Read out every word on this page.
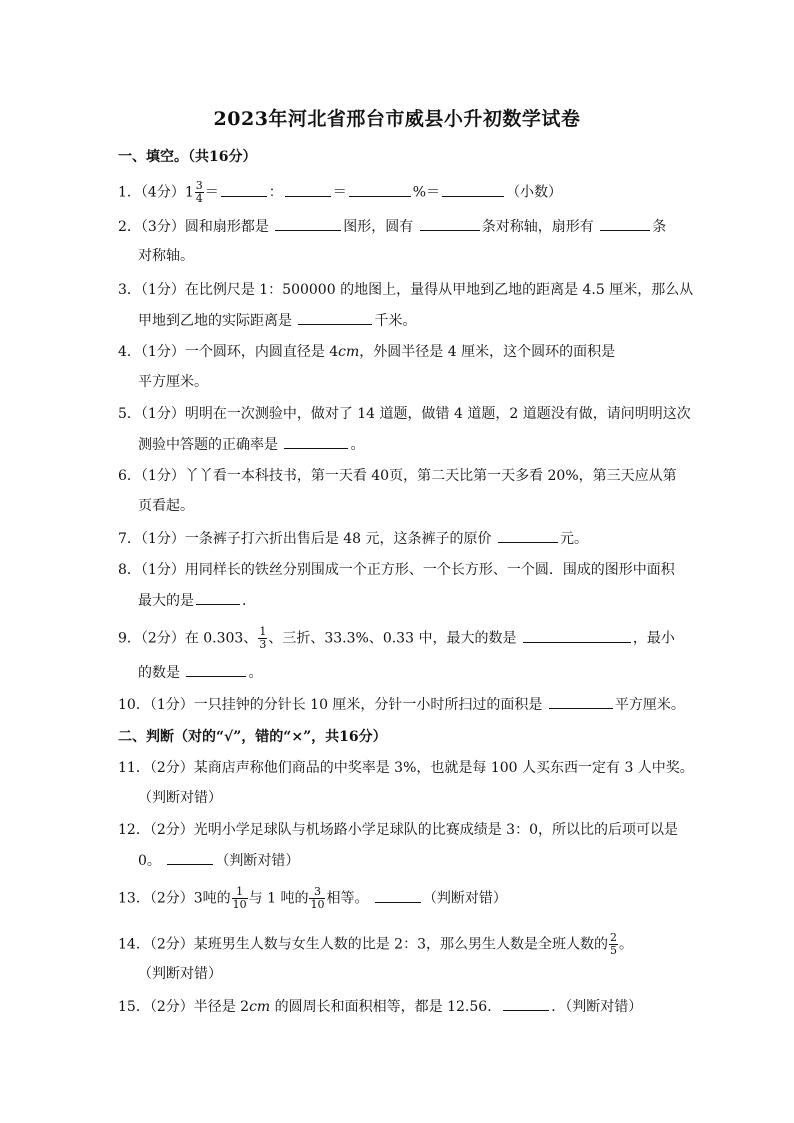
2023年河北省邢台市威县小升初数学试卷
一、填空。（共16分）
1．（4分）$1 \frac{3}{4}$ ＝	：	＝	%＝	（小数）
2．（3分）圆和扇形都是	图形，圆有	条对称轴，扇形有	条
对称轴。
3．（1分）在比例尺是 1：500000 的地图上，量得从甲地到乙地的距离是 4.5 厘米，那么从
甲地到乙地的实际距离是	千米。
4．（1分）一个圆环，内圆直径是 4cm，外圆半径是 4 厘米，这个圆环的面积是
平方厘米。
5．（1分）明明在一次测验中，做对了 14 道题，做错 4 道题，2 道题没有做，请问明明这次
测验中答题的正确率是	。
6．（1分）丫丫看一本科技书，第一天看 40页，第二天比第一天多看 20%，第三天应从第
页看起。
7．（1分）一条裤子打六折出售后是 48 元，这条裤子的原价	元。
8．（1分）用同样长的铁丝分别围成一个正方形、一个长方形、一个圆．围成的图形中面积
最大的是	．
9．（2分）在 0.303、 $\frac{1}{3}$ 、三折、33.3%、0.33 中，最大的数是	，最小
的数是	。
10．（1分）一只挂钟的分针长 10 厘米，分针一小时所扫过的面积是	平方厘米。
二、判断（对的“√”，错的“×”，共16分）
11．（2分）某商店声称他们商品的中奖率是 3%，也就是每 100 人买东西一定有 3 人中奖。
（判断对错）
12．（2分）光明小学足球队与机场路小学足球队的比赛成绩是 3：0，所以比的后项可以是
0。	（判断对错）
13．（2分）3吨的 $\frac{1}{10}$ 与 1 吨的 $\frac{3}{10}$ 相等。	（判断对错）
14．（2分）某班男生人数与女生人数的比是 2：3，那么男生人数是全班人数的 $\frac{2}{5}$ 。
（判断对错）
15．（2分）半径是 2cm 的圆周长和面积相等，都是 12.56．	．（判断对错）
